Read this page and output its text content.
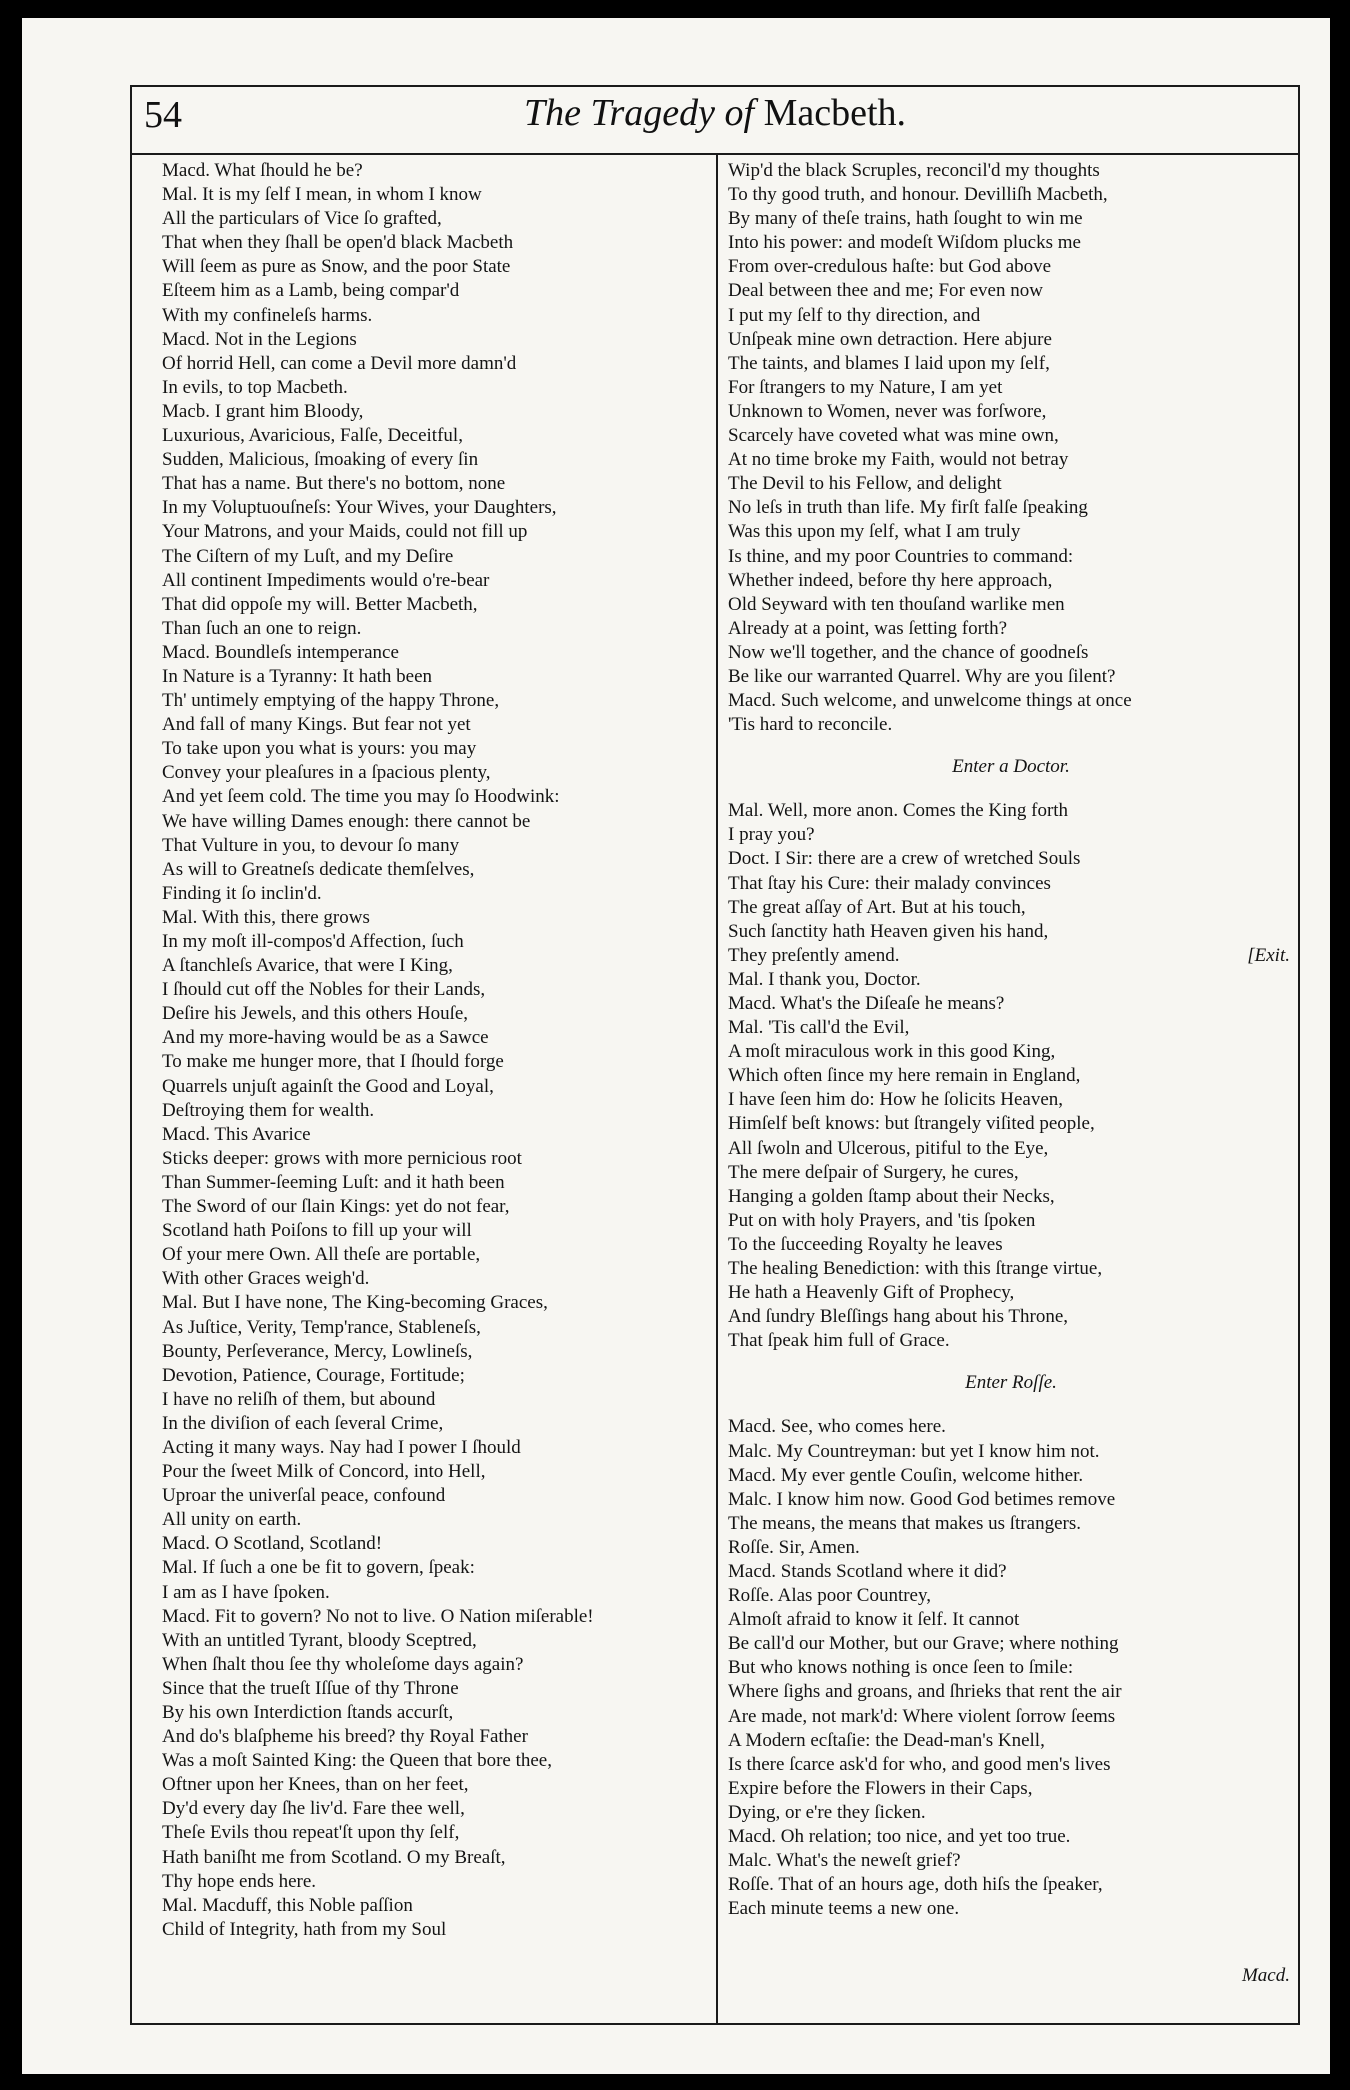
54	The Tragedy of Macbeth.
Macd. What ſhould he be?
Mal. It is my ſelf I mean, in whom I know
All the particulars of Vice ſo grafted,
That when they ſhall be open'd black Macbeth
Will ſeem as pure as Snow, and the poor State
Eſteem him as a Lamb, being compar'd
With my confineleſs harms.
Macd. Not in the Legions
Of horrid Hell, can come a Devil more damn'd
In evils, to top Macbeth.
Macb. I grant him Bloody,
Luxurious, Avaricious, Falſe, Deceitful,
Sudden, Malicious, ſmoaking of every ſin
That has a name. But there's no bottom, none
In my Voluptuouſneſs: Your Wives, your Daughters,
Your Matrons, and your Maids, could not fill up
The Ciſtern of my Luſt, and my Deſire
All continent Impediments would o're-bear
That did oppoſe my will. Better Macbeth,
Than ſuch an one to reign.
Macd. Boundleſs intemperance
In Nature is a Tyranny: It hath been
Th' untimely emptying of the happy Throne,
And fall of many Kings. But fear not yet
To take upon you what is yours: you may
Convey your pleaſures in a ſpacious plenty,
And yet ſeem cold. The time you may ſo Hoodwink:
We have willing Dames enough: there cannot be
That Vulture in you, to devour ſo many
As will to Greatneſs dedicate themſelves,
Finding it ſo inclin'd.
Mal. With this, there grows
In my moſt ill-compos'd Affection, ſuch
A ſtanchleſs Avarice, that were I King,
I ſhould cut off the Nobles for their Lands,
Deſire his Jewels, and this others Houſe,
And my more-having would be as a Sawce
To make me hunger more, that I ſhould forge
Quarrels unjuſt againſt the Good and Loyal,
Deſtroying them for wealth.
Macd. This Avarice
Sticks deeper: grows with more pernicious root
Than Summer-ſeeming Luſt: and it hath been
The Sword of our ſlain Kings: yet do not fear,
Scotland hath Poiſons to fill up your will
Of your mere Own. All theſe are portable,
With other Graces weigh'd.
Mal. But I have none, The King-becoming Graces,
As Juſtice, Verity, Temp'rance, Stableneſs,
Bounty, Perſeverance, Mercy, Lowlineſs,
Devotion, Patience, Courage, Fortitude;
I have no reliſh of them, but abound
In the diviſion of each ſeveral Crime,
Acting it many ways. Nay had I power I ſhould
Pour the ſweet Milk of Concord, into Hell,
Uproar the univerſal peace, confound
All unity on earth.
Macd. O Scotland, Scotland!
Mal. If ſuch a one be fit to govern, ſpeak:
I am as I have ſpoken.
Macd. Fit to govern? No not to live. O Nation miſerable!
With an untitled Tyrant, bloody Sceptred,
When ſhalt thou ſee thy wholeſome days again?
Since that the trueſt Iſſue of thy Throne
By his own Interdiction ſtands accurſt,
And do's blaſpheme his breed? thy Royal Father
Was a moſt Sainted King: the Queen that bore thee,
Oftner upon her Knees, than on her feet,
Dy'd every day ſhe liv'd. Fare thee well,
Theſe Evils thou repeat'ſt upon thy ſelf,
Hath baniſht me from Scotland. O my Breaſt,
Thy hope ends here.
Mal. Macduff, this Noble paſſion
Child of Integrity, hath from my Soul
Wip'd the black Scruples, reconcil'd my thoughts
To thy good truth, and honour. Devilliſh Macbeth,
By many of theſe trains, hath ſought to win me
Into his power: and modeſt Wiſdom plucks me
From over-credulous haſte: but God above
Deal between thee and me; For even now
I put my ſelf to thy direction, and
Unſpeak mine own detraction. Here abjure
The taints, and blames I laid upon my ſelf,
For ſtrangers to my Nature, I am yet
Unknown to Women, never was forſwore,
Scarcely have coveted what was mine own,
At no time broke my Faith, would not betray
The Devil to his Fellow, and delight
No leſs in truth than life. My firſt falſe ſpeaking
Was this upon my ſelf, what I am truly
Is thine, and my poor Countries to command:
Whether indeed, before thy here approach,
Old Seyward with ten thouſand warlike men
Already at a point, was ſetting forth?
Now we'll together, and the chance of goodneſs
Be like our warranted Quarrel. Why are you ſilent?
Macd. Such welcome, and unwelcome things at once
'Tis hard to reconcile.
Enter a Doctor.
Mal. Well, more anon. Comes the King forth
I pray you?
Doct. I Sir: there are a crew of wretched Souls
That ſtay his Cure: their malady convinces
The great aſſay of Art. But at his touch,
Such ſanctity hath Heaven given his hand,
They preſently amend.	[Exit.
Mal. I thank you, Doctor.
Macd. What's the Diſeaſe he means?
Mal. 'Tis call'd the Evil,
A moſt miraculous work in this good King,
Which often ſince my here remain in England,
I have ſeen him do: How he ſolicits Heaven,
Himſelf beſt knows: but ſtrangely viſited people,
All ſwoln and Ulcerous, pitiful to the Eye,
The mere deſpair of Surgery, he cures,
Hanging a golden ſtamp about their Necks,
Put on with holy Prayers, and 'tis ſpoken
To the ſucceeding Royalty he leaves
The healing Benediction: with this ſtrange virtue,
He hath a Heavenly Gift of Prophecy,
And ſundry Bleſſings hang about his Throne,
That ſpeak him full of Grace.
Enter Roſſe.
Macd. See, who comes here.
Malc. My Countreyman: but yet I know him not.
Macd. My ever gentle Couſin, welcome hither.
Malc. I know him now. Good God betimes remove
The means, the means that makes us ſtrangers.
Roſſe. Sir, Amen.
Macd. Stands Scotland where it did?
Roſſe. Alas poor Countrey,
Almoſt afraid to know it ſelf. It cannot
Be call'd our Mother, but our Grave; where nothing
But who knows nothing is once ſeen to ſmile:
Where ſighs and groans, and ſhrieks that rent the air
Are made, not mark'd: Where violent ſorrow ſeems
A Modern ecſtaſie: the Dead-man's Knell,
Is there ſcarce ask'd for who, and good men's lives
Expire before the Flowers in their Caps,
Dying, or e're they ſicken.
Macd. Oh relation; too nice, and yet too true.
Malc. What's the neweſt grief?
Roſſe. That of an hours age, doth hiſs the ſpeaker,
Each minute teems a new one.
Macd.
